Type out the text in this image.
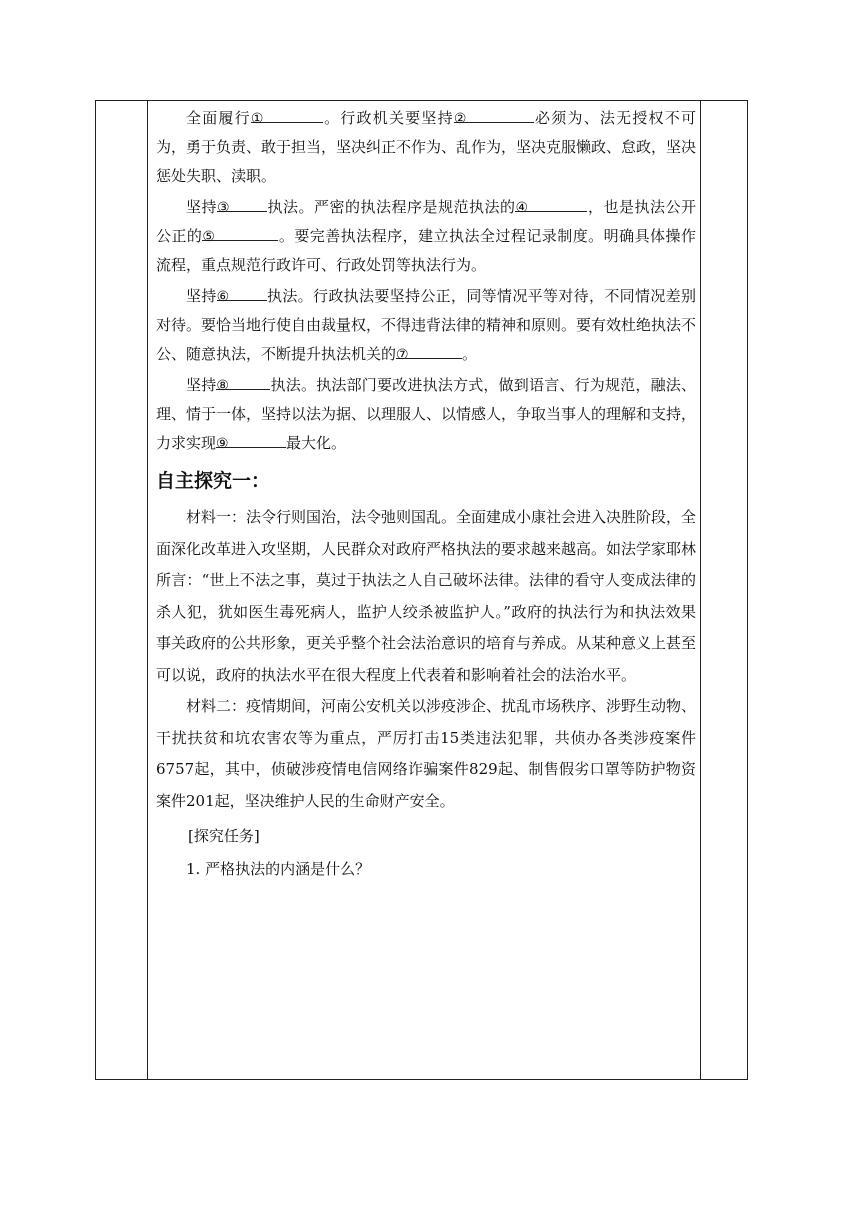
全面履行①	。行政机关要坚持②	必须为、法无授权不可为，勇于负责、敢于担当，坚决纠正不作为、乱作为，坚决克服懒政、怠政，坚决惩处失职、渎职。

坚持③ 执法。严密的执法程序是规范执法的④	，也是执法公开公正的⑤	。要完善执法程序，建立执法全过程记录制度。明确具体操作流程，重点规范行政许可、行政处罚等执法行为。

坚持⑥ 执法。行政执法要坚持公正，同等情况平等对待，不同情况差别对待。要恰当地行使自由裁量权，不得违背法律的精神和原则。要有效杜绝执法不公、随意执法，不断提升执法机关的⑦	。

坚持⑧	执法。执法部门要改进执法方式，做到语言、行为规范，融法、理、情于一体，坚持以法为据、以理服人、以情感人，争取当事人的理解和支持，力求实现⑨	最大化。

自主探究一：

材料一：法令行则国治，法令弛则国乱。全面建成小康社会进入决胜阶段，全面深化改革进入攻坚期，人民群众对政府严格执法的要求越来越高。如法学家耶林所言：“世上不法之事，莫过于执法之人自己破坏法律。法律的看守人变成法律的杀人犯，犹如医生毒死病人，监护人绞杀被监护人。”政府的执法行为和执法效果事关政府的公共形象，更关乎整个社会法治意识的培育与养成。从某种意义上甚至可以说，政府的执法水平在很大程度上代表着和影响着社会的法治水平。

材料二：疫情期间，河南公安机关以涉疫涉企、扰乱市场秩序、涉野生动物、干扰扶贫和坑农害农等为重点，严厉打击15类违法犯罪，共侦办各类涉疫案件6757起，其中，侦破涉疫情电信网络诈骗案件829起、制售假劣口罩等防护物资案件201起，坚决维护人民的生命财产安全。

[探究任务]

1. 严格执法的内涵是什么？
